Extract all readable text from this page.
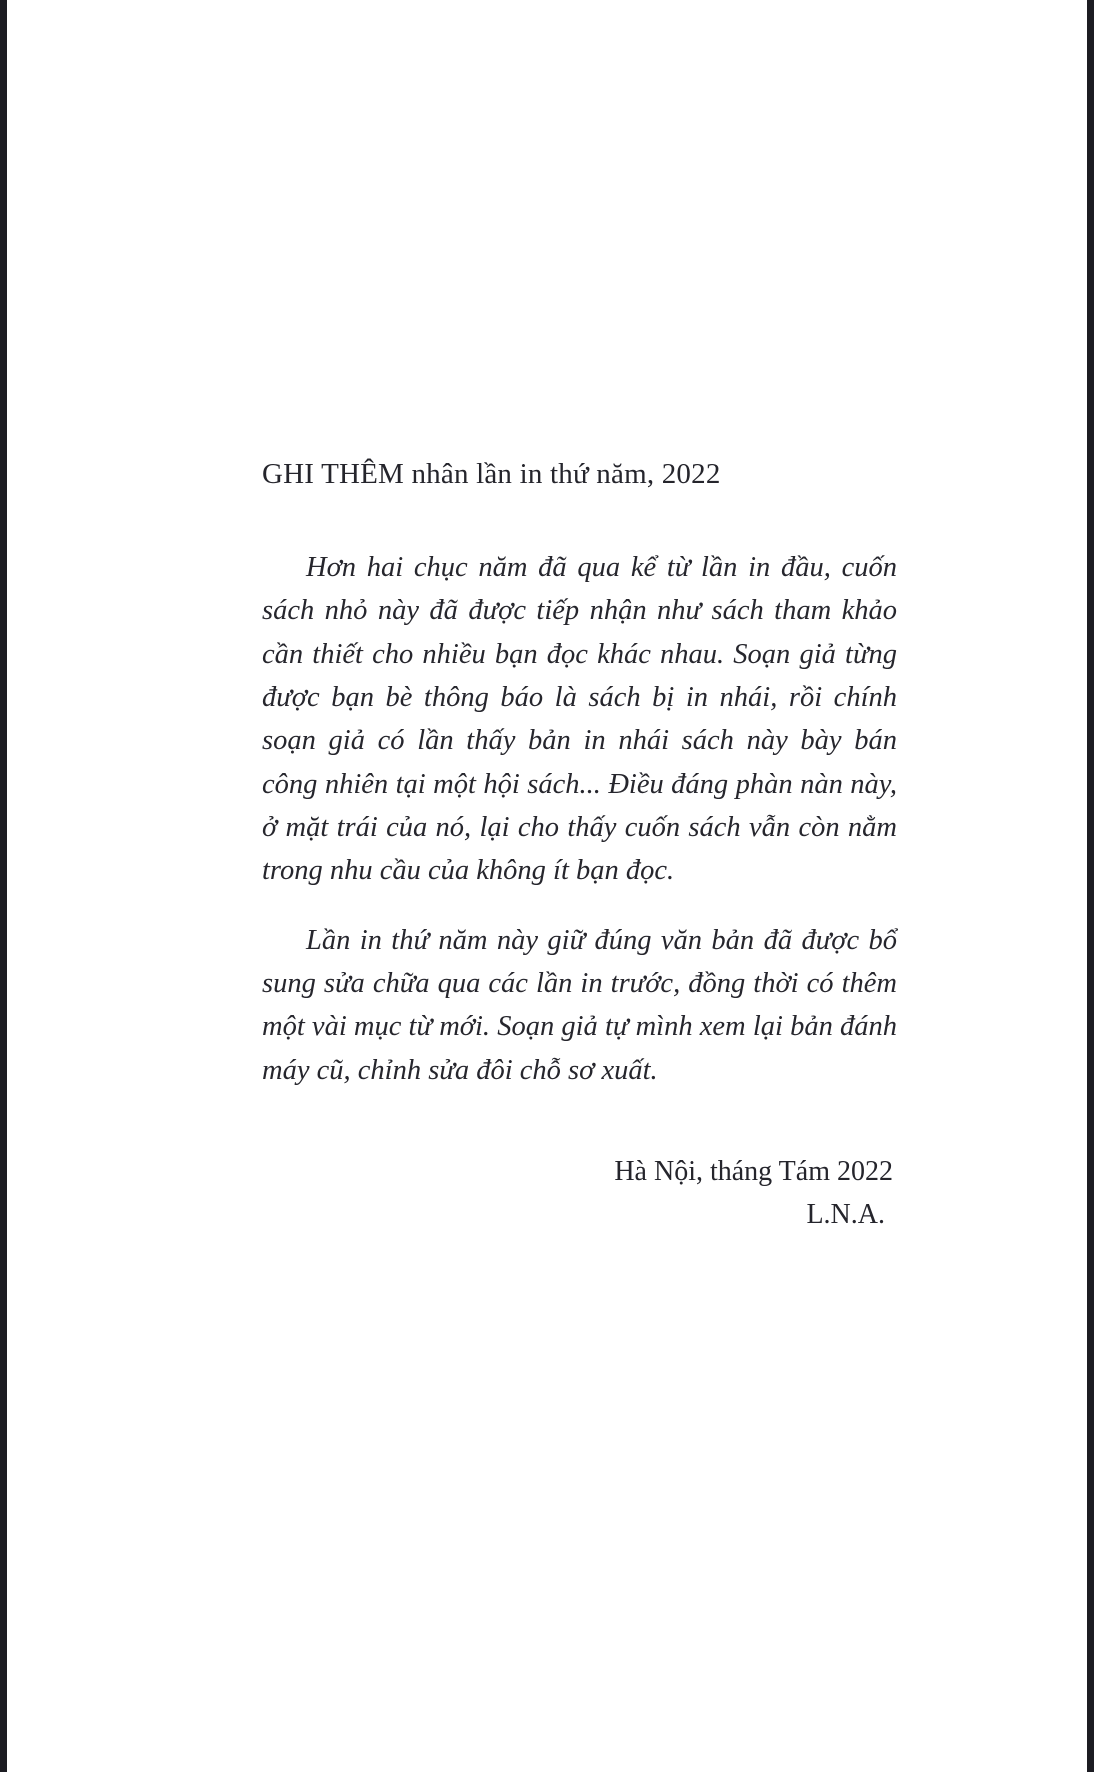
GHI THÊM nhân lần in thứ năm, 2022

Hơn hai chục năm đã qua kể từ lần in đầu, cuốn sách nhỏ này đã được tiếp nhận như sách tham khảo cần thiết cho nhiều bạn đọc khác nhau. Soạn giả từng được bạn bè thông báo là sách bị in nhái, rồi chính soạn giả có lần thấy bản in nhái sách này bày bán công nhiên tại một hội sách... Điều đáng phàn nàn này, ở mặt trái của nó, lại cho thấy cuốn sách vẫn còn nằm trong nhu cầu của không ít bạn đọc.

Lần in thứ năm này giữ đúng văn bản đã được bổ sung sửa chữa qua các lần in trước, đồng thời có thêm một vài mục từ mới. Soạn giả tự mình xem lại bản đánh máy cũ, chỉnh sửa đôi chỗ sơ xuất.

Hà Nội, tháng Tám 2022
L.N.A.
